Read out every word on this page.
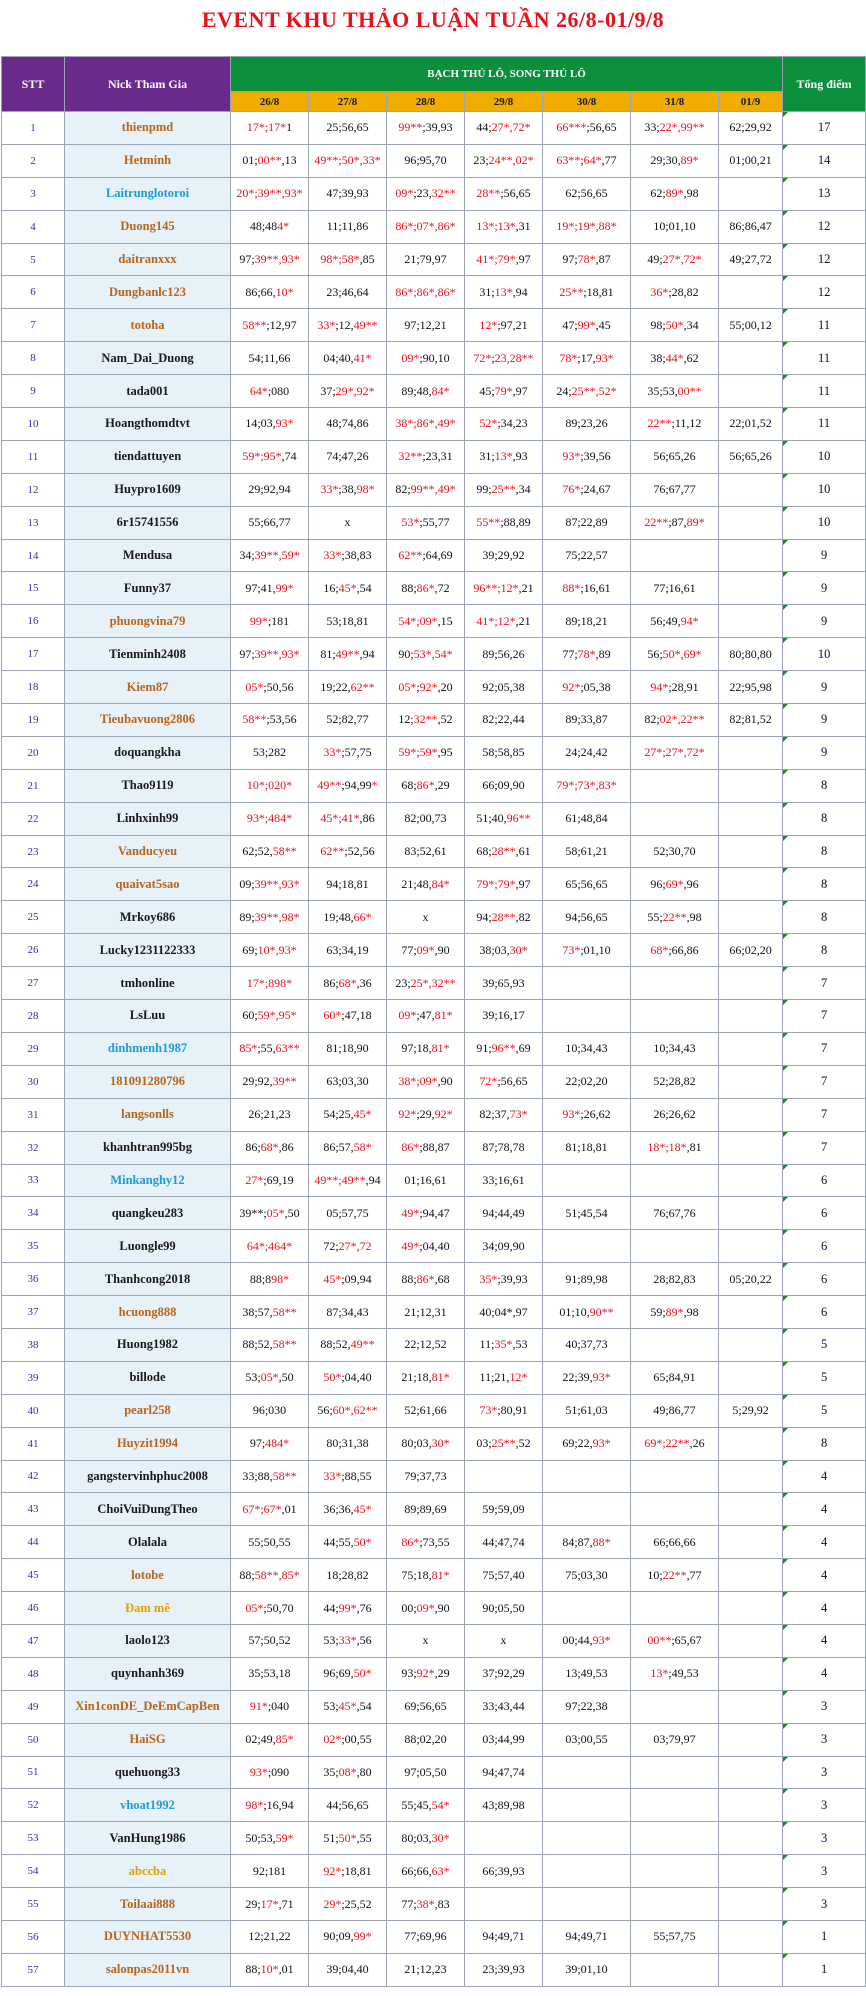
EVENT KHU THẢO LUẬN TUẦN 26/8-01/9/8
STT	Nick Tham Gia	BẠCH THỦ LÔ, SONG THỦ LÔ							Tổng điểm
		26/8	27/8	28/8	29/8	30/8	31/8	01/9	
1	thienpmd	17*;17*1	25;56,65	99**;39,93	44;27*,72*	66***;56,65	33;22*,99**	62;29,92	17
2	Hetminh	01;00**,13	49**;50*,33*	96;95,70	23;24**,02*	63**;64*,77	29;30,89*	01;00,21	14
3	Laitrunglotoroi	20*;39**,93*	47;39,93	09*;23,32**	28**;56,65	62;56,65	62;89*,98		13
4	Duong145	48;484*	11;11,86	86*;07*,86*	13*;13*,31	19*;19*,88*	10;01,10	86;86,47	12
5	daitranxxx	97;39**,93*	98*;58*,85	21;79,97	41*;79*,97	97;78*,87	49;27*,72*	49;27,72	12
6	Dungbanlc123	86;66,10*	23;46,64	86*;86*,86*	31;13*,94	25**;18,81	36*;28,82		12
7	totoha	58**;12,97	33*;12,49**	97;12,21	12*;97,21	47;99*,45	98;50*,34	55;00,12	11
8	Nam_Dai_Duong	54;11,66	04;40,41*	09*;90,10	72*;23,28**	78*;17,93*	38;44*,62		11
9	tada001	64*;080	37;29*,92*	89;48,84*	45;79*,97	24;25**,52*	35;53,00**		11
10	Hoangthomdtvt	14;03,93*	48;74,86	38*;86*,49*	52*;34,23	89;23,26	22**;11,12	22;01,52	11
11	tiendattuyen	59*;95*,74	74;47,26	32**;23,31	31;13*,93	93*;39,56	56;65,26	56;65,26	10
12	Huypro1609	29;92,94	33*;38,98*	82;99**,49*	99;25**,34	76*;24,67	76;67,77		10
13	6r15741556	55;66,77	x	53*;55,77	55**;88,89	87;22,89	22**;87,89*		10
14	Mendusa	34;39**,59*	33*;38,83	62**;64,69	39;29,92	75;22,57			9
15	Funny37	97;41,99*	16;45*,54	88;86*,72	96**;12*,21	88*;16,61	77;16,61		9
16	phuongvina79	99*;181	53;18,81	54*;09*,15	41*;12*,21	89;18,21	56;49,94*		9
17	Tienminh2408	97;39**,93*	81;49**,94	90;53*,54*	89;56,26	77;78*,89	56;50*,69*	80;80,80	10
18	Kiem87	05*;50,56	19;22,62**	05*;92*,20	92;05,38	92*;05,38	94*;28,91	22;95,98	9
19	Tieubavuong2806	58**;53,56	52;82,77	12;32**,52	82;22,44	89;33,87	82;02*,22**	82;81,52	9
20	doquangkha	53;282	33*;57,75	59*;59*,95	58;58,85	24;24,42	27*;27*,72*		9
21	Thao9119	10*;020*	49**;94,99*	68;86*,29	66;09,90	79*;73*,83*			8
22	Linhxinh99	93*;484*	45*;41*,86	82;00,73	51;40,96**	61;48,84			8
23	Vanducyeu	62;52,58**	62**;52,56	83;52,61	68;28**,61	58;61,21	52;30,70		8
24	quaivat5sao	09;39**,93*	94;18,81	21;48,84*	79*;79*,97	65;56,65	96;69*,96		8
25	Mrkoy686	89;39**,98*	19;48,66*	x	94;28**,82	94;56,65	55;22**,98		8
26	Lucky1231122333	69;10*,93*	63;34,19	77;09*,90	38;03,30*	73*;01,10	68*;66,86	66;02,20	8
27	tmhonline	17*;898*	86;68*,36	23;25*,32**	39;65,93				7
28	LsLuu	60;59*,95*	60*;47,18	09*;47,81*	39;16,17				7
29	dinhmenh1987	85*;55,63**	81;18,90	97;18,81*	91;96**,69	10;34,43	10;34,43		7
30	181091280796	29;92,39**	63;03,30	38*;09*,90	72*;56,65	22;02,20	52;28,82		7
31	langsonlls	26;21,23	54;25,45*	92*;29,92*	82;37,73*	93*;26,62	26;26,62		7
32	khanhtran995bg	86;68*,86	86;57,58*	86*;88,87	87;78,78	81;18,81	18*;18*,81		7
33	Minkanghy12	27*;69,19	49**;49**,94	01;16,61	33;16,61				6
34	quangkeu283	39**;05*,50	05;57,75	49*;94,47	94;44,49	51;45,54	76;67,76		6
35	Luongle99	64*;464*	72;27*,72	49*;04,40	34;09,90				6
36	Thanhcong2018	88;898*	45*;09,94	88;86*,68	35*;39,93	91;89,98	28;82,83	05;20,22	6
37	hcuong888	38;57,58**	87;34,43	21;12,31	40;04*,97	01;10,90**	59;89*,98		6
38	Huong1982	88;52,58**	88;52,49**	22;12,52	11;35*,53	40;37,73			5
39	billode	53;05*,50	50*;04,40	21;18,81*	11;21,12*	22;39,93*	65;84,91		5
40	pearl258	96;030	56;60*,62**	52;61,66	73*;80,91	51;61,03	49;86,77	5;29,92	5
41	Huyzit1994	97;484*	80;31,38	80;03,30*	03;25**,52	69;22,93*	69*;22**,26		8
42	gangstervinhphuc2008	33;88,58**	33*;88,55	79;37,73					4
43	ChoiVuiDungTheo	67*;67*,01	36;36,45*	89;89,69	59;59,09				4
44	Olalala	55;50,55	44;55,50*	86*;73,55	44;47,74	84;87,88*	66;66,66		4
45	lotobe	88;58**,85*	18;28,82	75;18,81*	75;57,40	75;03,30	10;22**,77		4
46	Đam mê	05*;50,70	44;99*,76	00;09*,90	90;05,50				4
47	laolo123	57;50,52	53;33*,56	x	x	00;44,93*	00**;65,67		4
48	quynhanh369	35;53,18	96;69,50*	93;92*,29	37;92,29	13;49,53	13*;49,53		4
49	Xin1conDE_DeEmCapBen	91*;040	53;45*,54	69;56,65	33;43,44	97;22,38			3
50	HaiSG	02;49,85*	02*;00,55	88;02,20	03;44,99	03;00,55	03;79,97		3
51	quehuong33	93*;090	35;08*,80	97;05,50	94;47,74				3
52	vhoat1992	98*;16,94	44;56,65	55;45,54*	43;89,98				3
53	VanHung1986	50;53,59*	51;50*,55	80;03,30*					3
54	abccba	92;181	92*;18,81	66;66,63*	66;39,93				3
55	Toilaai888	29;17*,71	29*;25,52	77;38*,83					3
56	DUYNHAT5530	12;21,22	90;09,99*	77;69,96	94;49,71	94;49,71	55;57,75		1
57	salonpas2011vn	88;10*,01	39;04,40	21;12,23	23;39,93	39;01,10			1
